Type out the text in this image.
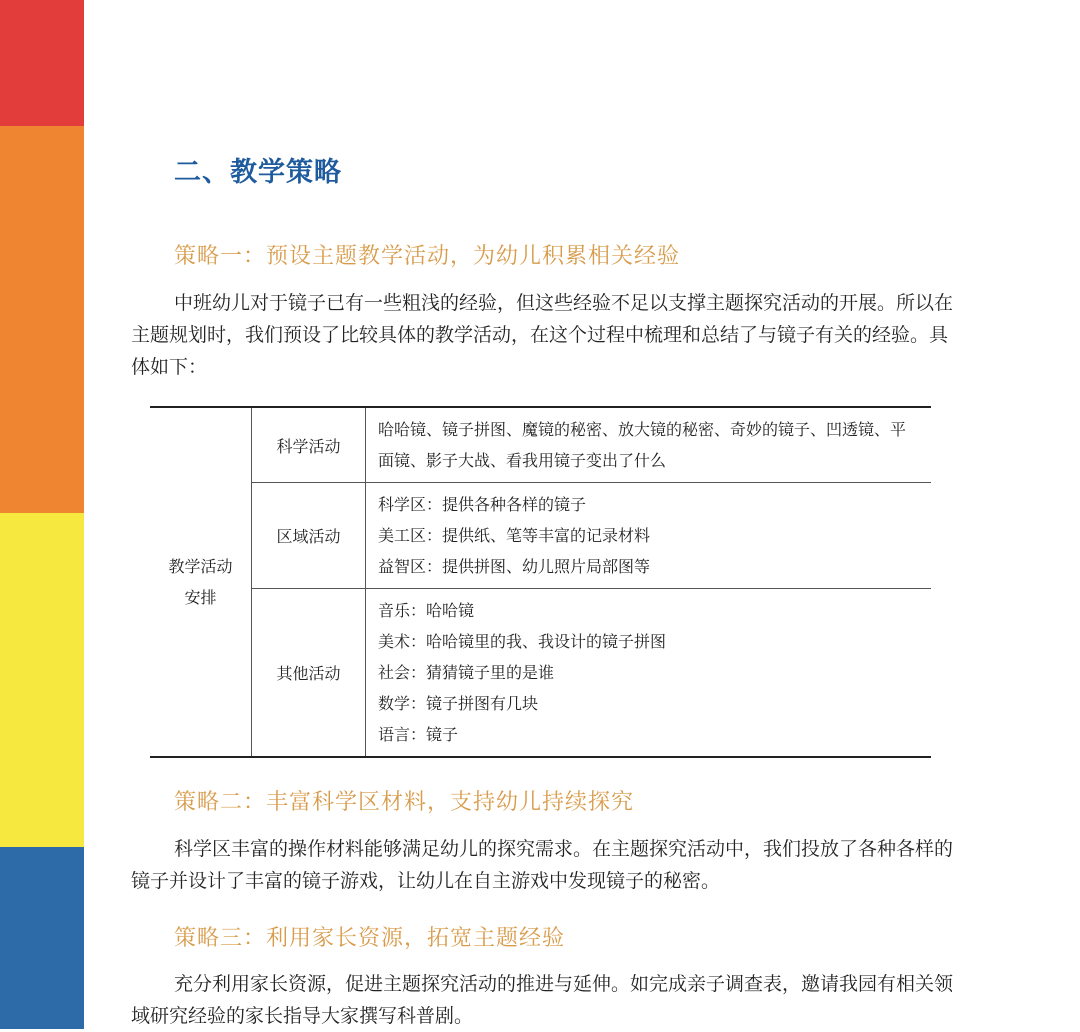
二、教学策略
策略一：预设主题教学活动，为幼儿积累相关经验

中班幼儿对于镜子已有一些粗浅的经验，但这些经验不足以支撑主题探究活动的开展。所以在主题规划时，我们预设了比较具体的教学活动，在这个过程中梳理和总结了与镜子有关的经验。具体如下：

教学活动
安排	科学活动	哈哈镜、镜子拼图、魔镜的秘密、放大镜的秘密、奇妙的镜子、凹透镜、平
面镜、影子大战、看我用镜子变出了什么

	区域活动	科学区：提供各种各样的镜子
美工区：提供纸、笔等丰富的记录材料
益智区：提供拼图、幼儿照片局部图等

	其他活动	音乐：哈哈镜
美术：哈哈镜里的我、我设计的镜子拼图
社会：猜猜镜子里的是谁
数学：镜子拼图有几块
语言：镜子
策略二：丰富科学区材料，支持幼儿持续探究

科学区丰富的操作材料能够满足幼儿的探究需求。在主题探究活动中，我们投放了各种各样的镜子并设计了丰富的镜子游戏，让幼儿在自主游戏中发现镜子的秘密。

策略三：利用家长资源，拓宽主题经验

充分利用家长资源，促进主题探究活动的推进与延伸。如完成亲子调查表，邀请我园有相关领域研究经验的家长指导大家撰写科普剧。
